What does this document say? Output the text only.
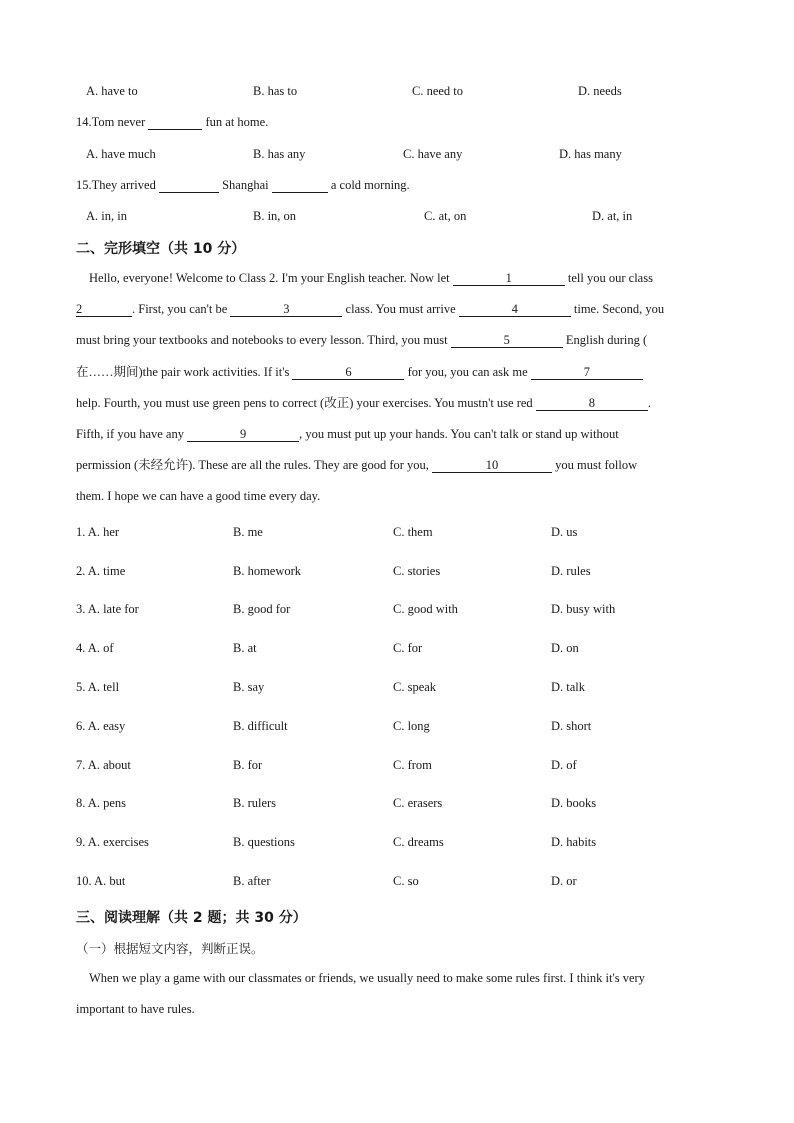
A. have to	B. has to	C. need to	D. needs
14.Tom never	fun at home.
A. have much	B. has any	C. have any	D. has many
15.They arrived	Shanghai	a cold morning.
A. in, in	B. in, on	C. at, on	D. at, in
二、完形填空（共 10 分）
Hello, everyone! Welcome to Class 2. I'm your English teacher. Now let	1	tell you our class
2	. First, you can't be	3	class. You must arrive	4	time. Second, you
must bring your textbooks and notebooks to every lesson. Third, you must	5	English during (
在……期间)the pair work activities. If it's	6	for you, you can ask me	7
help. Fourth, you must use green pens to correct (改正) your exercises. You mustn't use red	8	.
Fifth, if you have any	9	, you must put up your hands. You can't talk or stand up without
permission (未经允许). These are all the rules. They are good for you,	10	you must follow
them. I hope we can have a good time every day.
1. A. her	B. me	C. them	D. us
2. A. time	B. homework	C. stories	D. rules
3. A. late for	B. good for	C. good with	D. busy with
4. A. of	B. at	C. for	D. on
5. A. tell	B. say	C. speak	D. talk
6. A. easy	B. difficult	C. long	D. short
7. A. about	B. for	C. from	D. of
8. A. pens	B. rulers	C. erasers	D. books
9. A. exercises	B. questions	C. dreams	D. habits
10. A. but	B. after	C. so	D. or
三、阅读理解（共 2 题；共 30 分）
（一）根据短文内容，判断正误。
When we play a game with our classmates or friends, we usually need to make some rules first. I think it's very
important to have rules.
